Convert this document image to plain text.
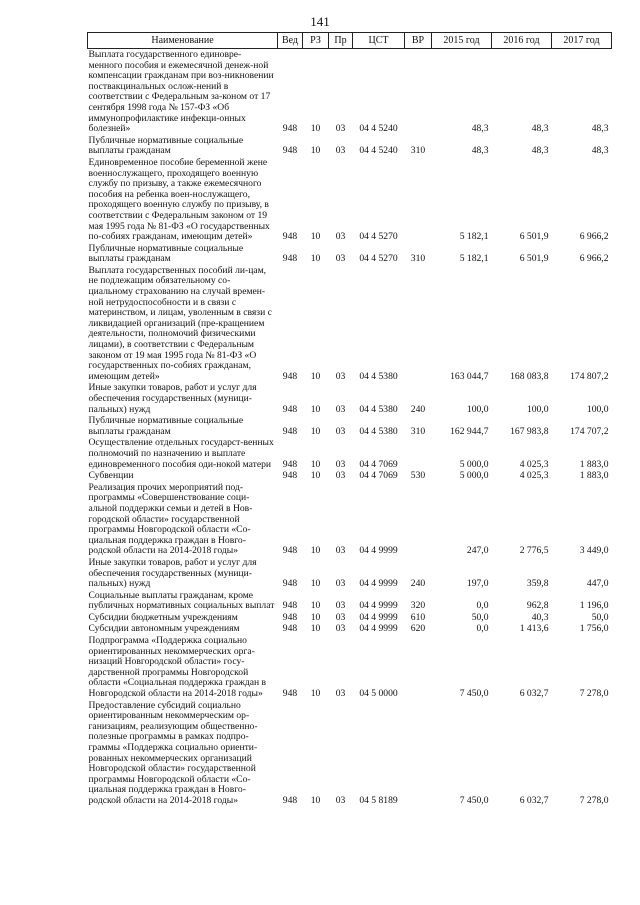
141
Наименование	Вед	РЗ	Пр	ЦСТ	ВР	2015 год	2016 год	2017 год
Выплата государственного единовре-менного пособия и ежемесячной денеж-ной компенсации гражданам при воз-никновении поствакцинальных ослож-нений в соответствии с Федеральным за-коном от 17 сентября 1998 года № 157-ФЗ «Об иммунопрофилактике инфекци-онных болезней»	948	10	03	04 4 5240		48,3	48,3	48,3
Публичные нормативные социальные выплаты гражданам	948	10	03	04 4 5240	310	48,3	48,3	48,3
Единовременное пособие беременной жене военнослужащего, проходящего военную службу по призыву, а также ежемесячного пособия на ребенка воен-нослужащего, проходящего военную службу по призыву, в соответствии с Федеральным законом от 19 мая 1995 года № 81-ФЗ «О государственных по-собиях гражданам, имеющим детей»	948	10	03	04 4 5270		5 182,1	6 501,9	6 966,2
Публичные нормативные социальные выплаты гражданам	948	10	03	04 4 5270	310	5 182,1	6 501,9	6 966,2
Выплата государственных пособий ли-цам, не подлежащим обязательному со-циальному страхованию на случай времен-ной нетрудоспособности и в связи с материнством, и лицам, уволенным в связи с ликвидацией организаций (пре-кращением деятельности, полномочий физическими лицами), в соответствии с Федеральным законом от 19 мая 1995 года № 81-ФЗ «О государственных по-собиях гражданам, имеющим детей»	948	10	03	04 4 5380		163 044,7	168 083,8	174 807,2
Иные закупки товаров, работ и услуг для обеспечения государственных (муници-пальных) нужд	948	10	03	04 4 5380	240	100,0	100,0	100,0
Публичные нормативные социальные выплаты гражданам	948	10	03	04 4 5380	310	162 944,7	167 983,8	174 707,2
Осуществление отдельных государст-венных полномочий по назначению и выплате единовременного пособия оди-нокой матери	948	10	03	04 4 7069		5 000,0	4 025,3	1 883,0
Субвенции	948	10	03	04 4 7069	530	5 000,0	4 025,3	1 883,0
Реализация прочих мероприятий под-программы «Совершенствование соци-альной поддержки семьи и детей в Нов-городской области» государственной программы Новгородской области «Со-циальная поддержка граждан в Новго-родской области на 2014-2018 годы»	948	10	03	04 4 9999		247,0	2 776,5	3 449,0
Иные закупки товаров, работ и услуг для обеспечения государственных (муници-пальных) нужд	948	10	03	04 4 9999	240	197,0	359,8	447,0
Социальные выплаты гражданам, кроме публичных нормативных социальных выплат	948	10	03	04 4 9999	320	0,0	962,8	1 196,0
Субсидии бюджетным учреждениям	948	10	03	04 4 9999	610	50,0	40,3	50,0
Субсидии автономным учреждениям	948	10	03	04 4 9999	620	0,0	1 413,6	1 756,0
Подпрограмма «Поддержка социально ориентированных некоммерческих орга-низаций Новгородской области» госу-дарственной программы Новгородской области «Социальная поддержка граждан в Новгородской области на 2014-2018 годы»	948	10	03	04 5 0000		7 450,0	6 032,7	7 278,0
Предоставление субсидий социально ориентированным некоммерческим ор-ганизациям, реализующим общественно-полезные программы в рамках подпро-граммы «Поддержка социально ориенти-рованных некоммерческих организаций Новгородской области» государственной программы Новгородской области «Со-циальная поддержка граждан в Новго-родской области на 2014-2018 годы»	948	10	03	04 5 8189		7 450,0	6 032,7	7 278,0
